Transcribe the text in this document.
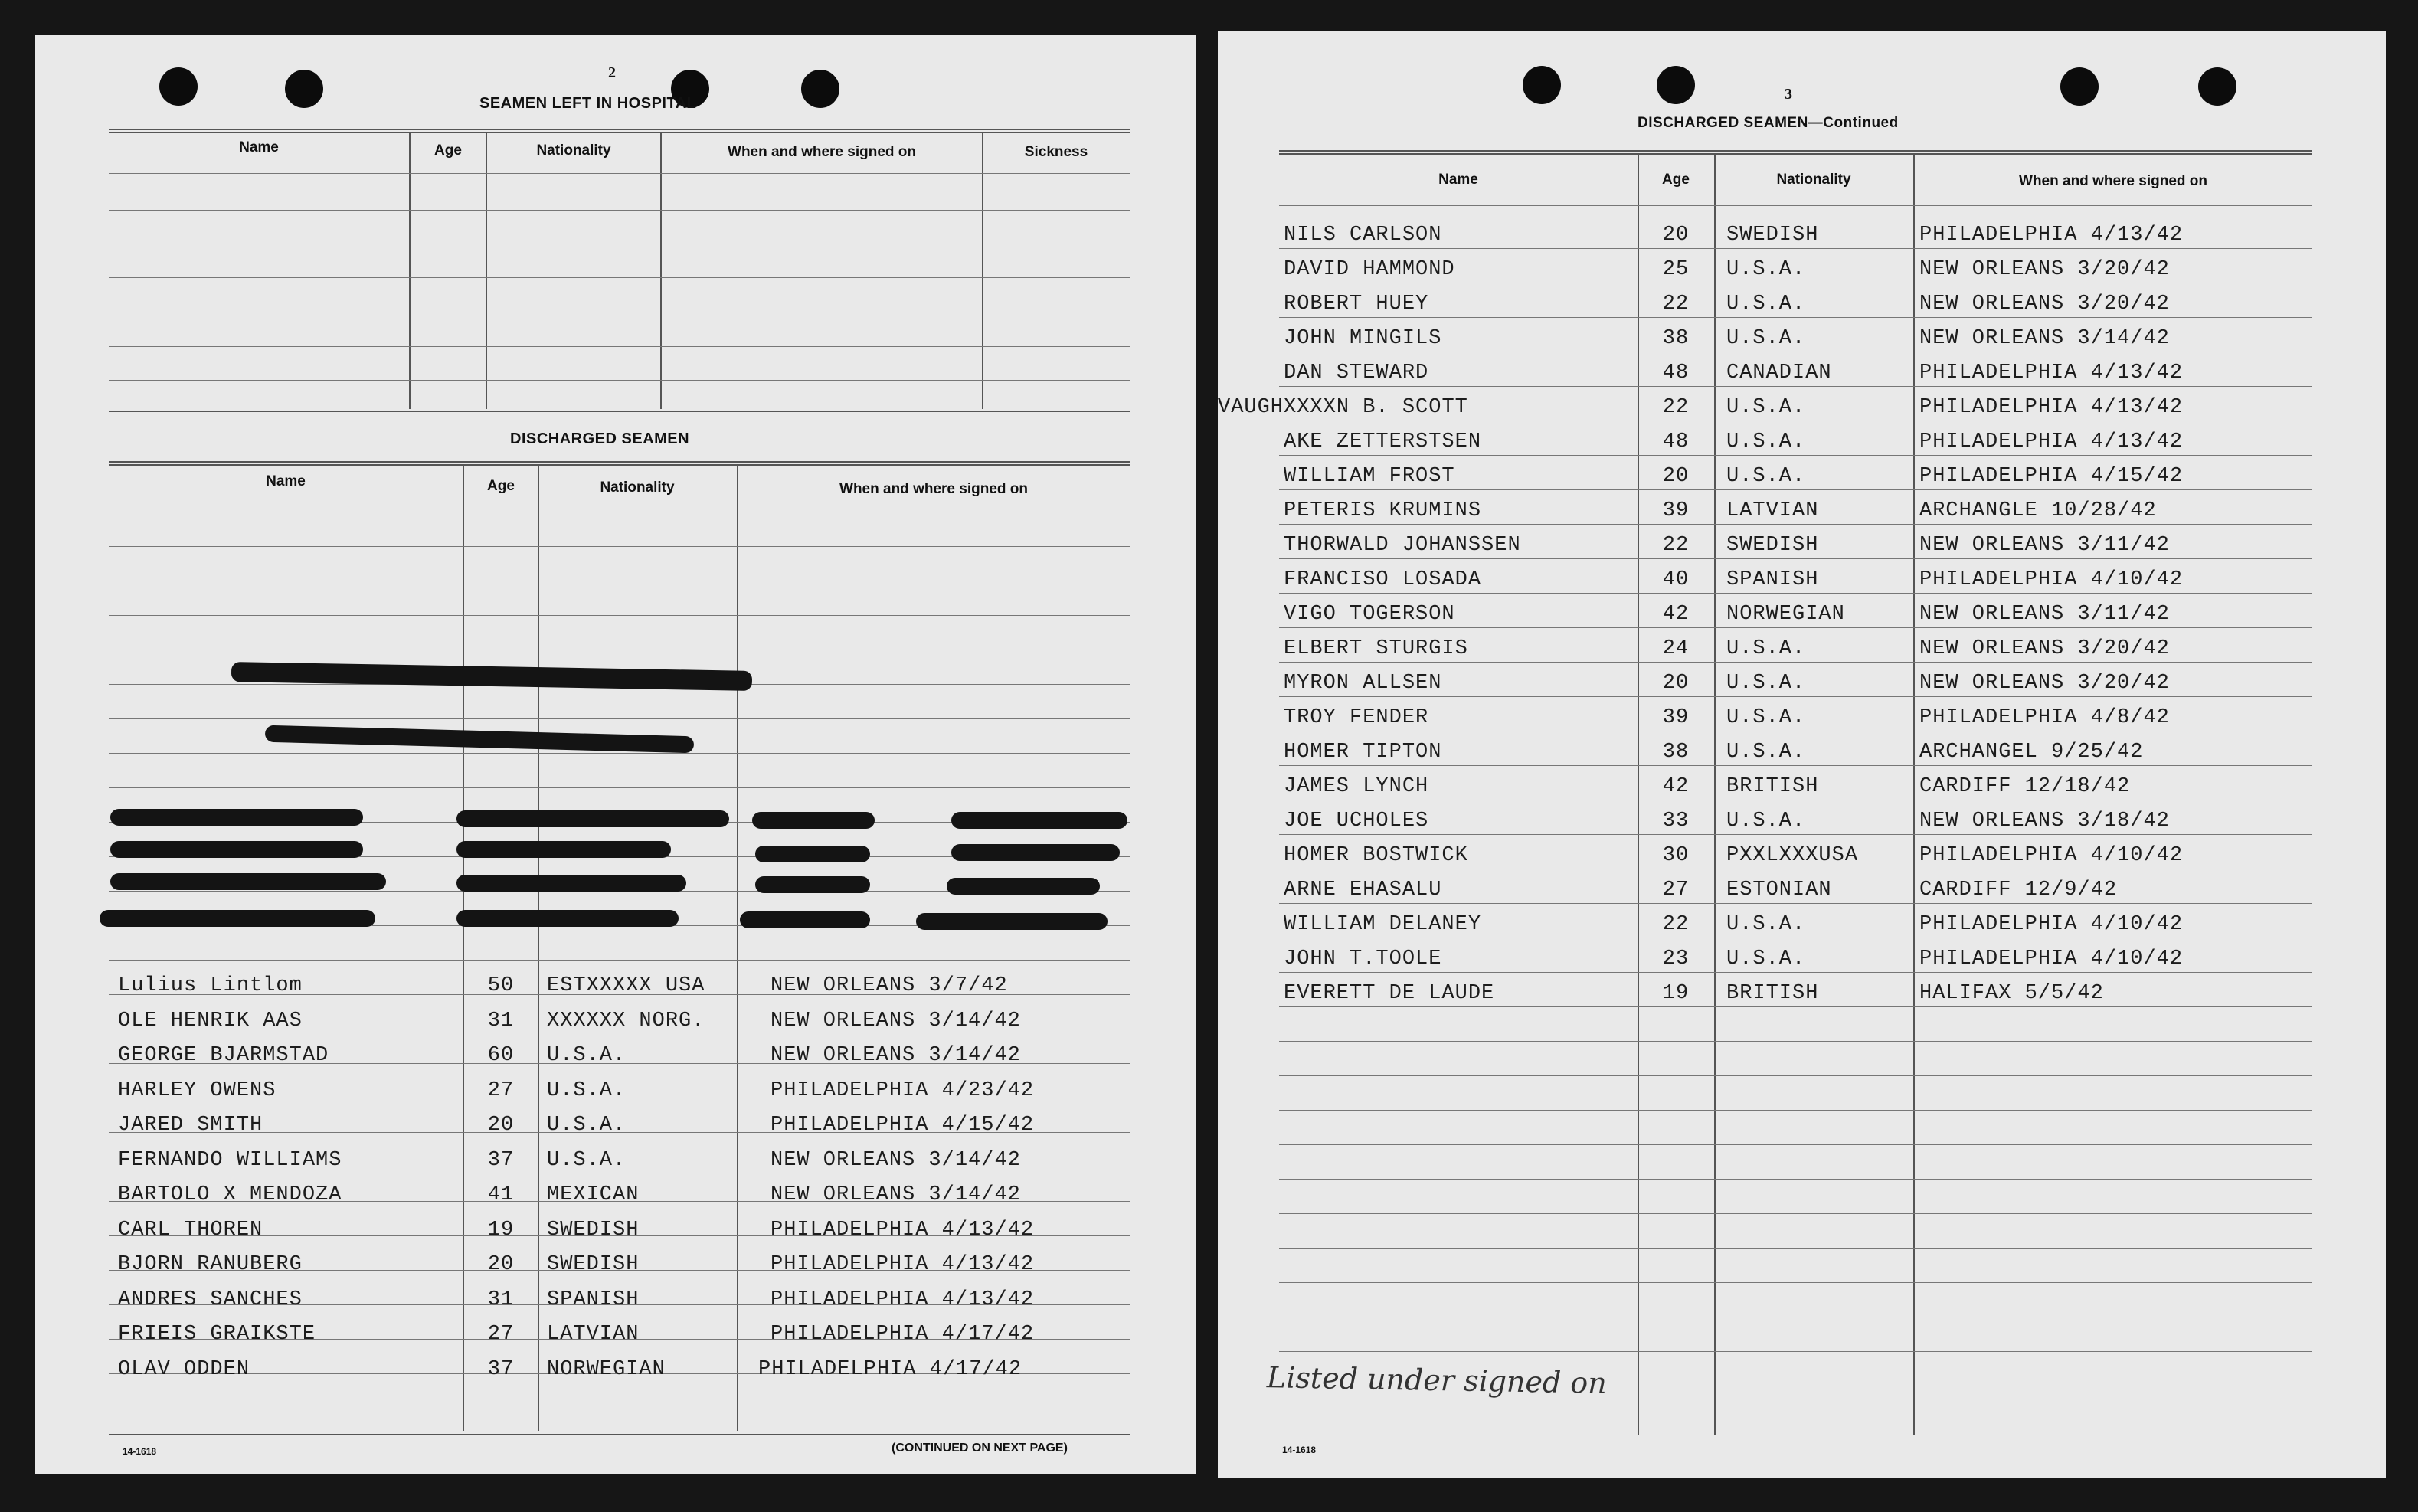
2
SEAMEN LEFT IN HOSPITAL
Name	Age	Nationality	When and where signed on	Sickness
DISCHARGED SEAMEN
Name	Age	Nationality	When and where signed on
Lulius Lintlom	50	ESTXXXXX USA	NEW ORLEANS 3/7/42
OLE HENRIK AAS	31	XXXXXX NORG.	NEW ORLEANS 3/14/42
GEORGE BJARMSTAD	60	U.S.A.	NEW ORLEANS 3/14/42
HARLEY OWENS	27	U.S.A.	PHILADELPHIA 4/23/42
JARED SMITH	20	U.S.A.	PHILADELPHIA 4/15/42
FERNANDO WILLIAMS	37	U.S.A.	NEW ORLEANS 3/14/42
BARTOLO X MENDOZA	41	MEXICAN	NEW ORLEANS 3/14/42
CARL THOREN	19	SWEDISH	PHILADELPHIA 4/13/42
BJORN RANUBERG	20	SWEDISH	PHILADELPHIA 4/13/42
ANDRES SANCHES	31	SPANISH	PHILADELPHIA 4/13/42
FRIEIS GRAIKSTE	27	LATVIAN	PHILADELPHIA 4/17/42
OLAV ODDEN	37	NORWEGIAN	PHILADELPHIA 4/17/42
14-1618	(CONTINUED ON NEXT PAGE)
3
DISCHARGED SEAMEN—Continued
Name	Age	Nationality	When and where signed on
NILS CARLSON	20	SWEDISH	PHILADELPHIA 4/13/42
DAVID HAMMOND	25	U.S.A.	NEW ORLEANS 3/20/42
ROBERT HUEY	22	U.S.A.	NEW ORLEANS 3/20/42
JOHN MINGILS	38	U.S.A.	NEW ORLEANS 3/14/42
DAN STEWARD	48	CANADIAN	PHILADELPHIA 4/13/42
VAUGHXXXXN B. SCOTT	22	U.S.A.	PHILADELPHIA 4/13/42
AKE ZETTERSTSEN	48	U.S.A.	PHILADELPHIA 4/13/42
WILLIAM FROST	20	U.S.A.	PHILADELPHIA 4/15/42
PETERIS KRUMINS	39	LATVIAN	ARCHANGLE 10/28/42
THORWALD JOHANSSEN	22	SWEDISH	NEW ORLEANS 3/11/42
FRANCISO LOSADA	40	SPANISH	PHILADELPHIA 4/10/42
VIGO TOGERSON	42	NORWEGIAN	NEW ORLEANS 3/11/42
ELBERT STURGIS	24	U.S.A.	NEW ORLEANS 3/20/42
MYRON ALLSEN	20	U.S.A.	NEW ORLEANS 3/20/42
TROY FENDER	39	U.S.A.	PHILADELPHIA 4/8/42
HOMER TIPTON	38	U.S.A.	ARCHANGEL 9/25/42
JAMES LYNCH	42	BRITISH	CARDIFF 12/18/42
JOE UCHOLES	33	U.S.A.	NEW ORLEANS 3/18/42
HOMER BOSTWICK	30	PXXLXXXUSA	PHILADELPHIA 4/10/42
ARNE EHASALU	27	ESTONIAN	CARDIFF 12/9/42
WILLIAM DELANEY	22	U.S.A.	PHILADELPHIA 4/10/42
JOHN T.TOOLE	23	U.S.A.	PHILADELPHIA 4/10/42
EVERETT DE LAUDE	19	BRITISH	HALIFAX 5/5/42
Listed under signed on
14-1618
